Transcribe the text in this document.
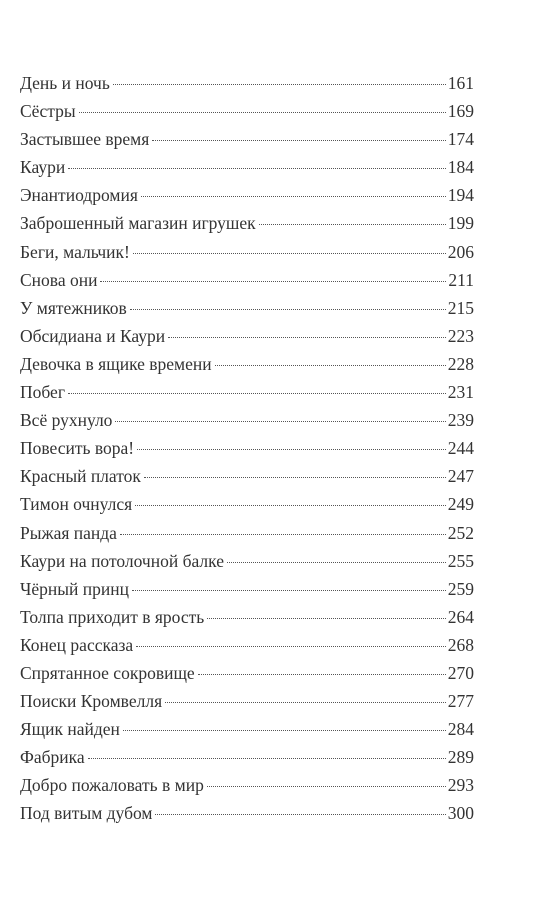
День и ночь	161
Сёстры	169
Застывшее время	174
Каури	184
Энантиодромия	194
Заброшенный магазин игрушек	199
Беги, мальчик!	206
Снова они	211
У мятежников	215
Обсидиана и Каури	223
Девочка в ящике времени	228
Побег	231
Всё рухнуло	239
Повесить вора!	244
Красный платок	247
Тимон очнулся	249
Рыжая панда	252
Каури на потолочной балке	255
Чёрный принц	259
Толпа приходит в ярость	264
Конец рассказа	268
Спрятанное сокровище	270
Поиски Кромвелля	277
Ящик найден	284
Фабрика	289
Добро пожаловать в мир	293
Под витым дубом	300
